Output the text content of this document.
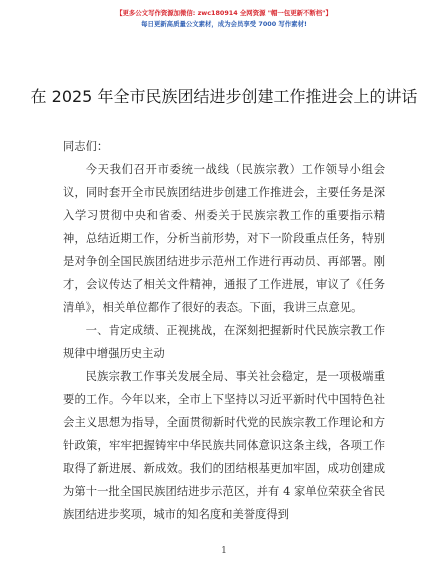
【更多公文写作资源加微信: zwc180914 全网资源 "帽一包更新不断档"】
每日更新高质量公文素材，成为会员享受 7000 写作素材!
在 2025 年全市民族团结进步创建工作推进会上的讲话

同志们：

今天我们召开市委统一战线（民族宗教）工作领导小组会议，同时套开全市民族团结进步创建工作推进会，主要任务是深入学习贯彻中央和省委、州委关于民族宗教工作的重要指示精神，总结近期工作，分析当前形势，对下一阶段重点任务，特别是对争创全国民族团结进步示范州工作进行再动员、再部署。刚才，会议传达了相关文件精神，通报了工作进展，审议了《任务清单》，相关单位都作了很好的表态。下面，我讲三点意见。

一、肯定成绩、正视挑战，在深刻把握新时代民族宗教工作规律中增强历史主动

民族宗教工作事关发展全局、事关社会稳定，是一项极端重要的工作。今年以来，全市上下坚持以习近平新时代中国特色社会主义思想为指导，全面贯彻新时代党的民族宗教工作理论和方针政策，牢牢把握铸牢中华民族共同体意识这条主线，各项工作取得了新进展、新成效。我们的团结根基更加牢固，成功创建成为第十一批全国民族团结进步示范区，并有 4 家单位荣获全省民族团结进步奖项，城市的知名度和美誉度得到

1
